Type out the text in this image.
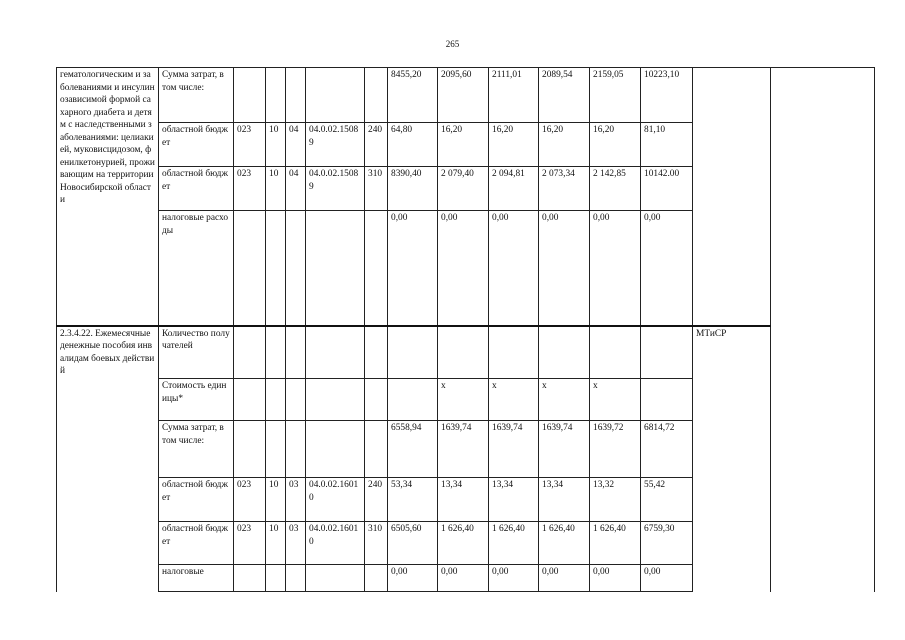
265
гематологическим и заболеваниями и инсулинозависимой формой сахарного диабета и детям с наследственными заболеваниями: целиакией, муковисцидозом, фенилкетонурией, проживающим на территории Новосибирской области	Сумма затрат, в том числе:						8455,20	2095,60	2111,01	2089,54	2159,05	10223,10		
	областной бюджет	023	10	04	04.0.02.15089	240	64,80	16,20	16,20	16,20	16,20	81,10		
	областной бюджет	023	10	04	04.0.02.15089	310	8390,40	2 079,40	2 094,81	2 073,34	2 142,85	10142.00		
	налоговые расходы						0,00	0,00	0,00	0,00	0,00	0,00		
2.3.4.22. Ежемесячные денежные пособия инвалидам боевых действий	Количество получателей												МТиСР	
	Стоимость единицы*							x	x	x	x			
	Сумма затрат, в том числе:						6558,94	1639,74	1639,74	1639,74	1639,72	6814,72		
	областной бюджет	023	10	03	04.0.02.16010	240	53,34	13,34	13,34	13,34	13,32	55,42		
	областной бюджет	023	10	03	04.0.02.16010	310	6505,60	1 626,40	1 626,40	1 626,40	1 626,40	6759,30		
	налоговые						0,00	0,00	0,00	0,00	0,00	0,00		
